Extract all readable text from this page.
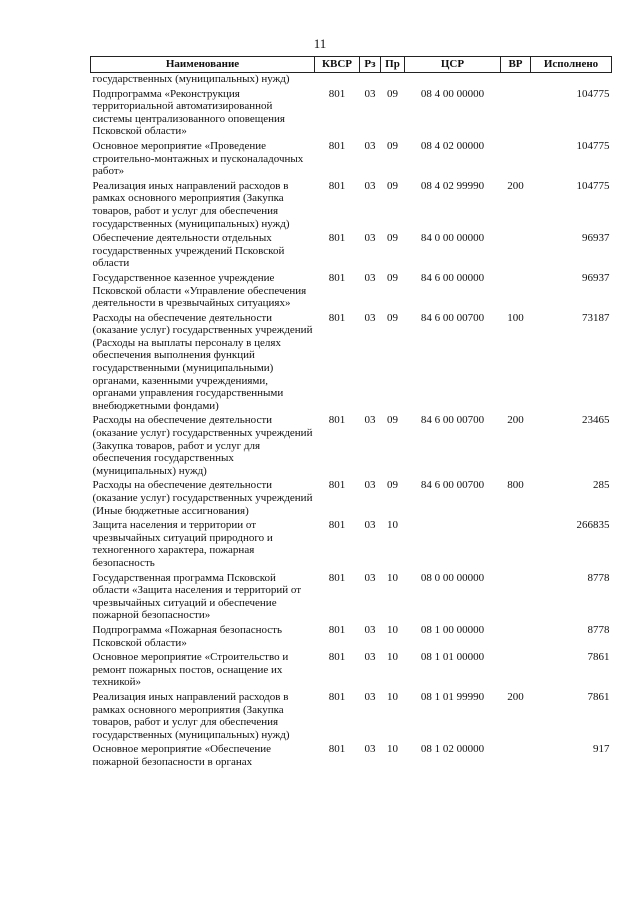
11
Наименование	КВСР	Рз	Пр	ЦСР	ВР	Исполнено
государственных (муниципальных) нужд)						
Подпрограмма «Реконструкция территориальной автоматизированной системы централизованного оповещения Псковской области»	801	03	09	08 4 00 00000		104775
Основное мероприятие «Проведение строительно-монтажных и пусконаладочных работ»	801	03	09	08 4 02 00000		104775
Реализация иных направлений расходов в рамках основного мероприятия (Закупка товаров, работ и услуг для обеспечения государственных (муниципальных) нужд)	801	03	09	08 4 02 99990	200	104775
Обеспечение деятельности отдельных государственных учреждений Псковской области	801	03	09	84 0 00 00000		96937
Государственное казенное учреждение Псковской области «Управление обеспечения деятельности в чрезвычайных ситуациях»	801	03	09	84 6 00 00000		96937
Расходы на обеспечение деятельности (оказание услуг) государственных учреждений (Расходы на выплаты персоналу в целях обеспечения выполнения функций государственными (муниципальными) органами, казенными учреждениями, органами управления государственными внебюджетными фондами)	801	03	09	84 6 00 00700	100	73187
Расходы на обеспечение деятельности (оказание услуг) государственных учреждений (Закупка товаров, работ и услуг для обеспечения государственных (муниципальных) нужд)	801	03	09	84 6 00 00700	200	23465
Расходы на обеспечение деятельности (оказание услуг) государственных учреждений (Иные бюджетные ассигнования)	801	03	09	84 6 00 00700	800	285
Защита населения и территории от чрезвычайных ситуаций природного и техногенного характера, пожарная безопасность	801	03	10			266835
Государственная программа Псковской области «Защита населения и территорий от чрезвычайных ситуаций и обеспечение пожарной безопасности»	801	03	10	08 0 00 00000		8778
Подпрограмма «Пожарная безопасность Псковской области»	801	03	10	08 1 00 00000		8778
Основное мероприятие «Строительство и ремонт пожарных постов, оснащение их техникой»	801	03	10	08 1 01 00000		7861
Реализация иных направлений расходов в рамках основного мероприятия (Закупка товаров, работ и услуг для обеспечения государственных (муниципальных) нужд)	801	03	10	08 1 01 99990	200	7861
Основное мероприятие «Обеспечение пожарной безопасности в органах	801	03	10	08 1 02 00000		917
